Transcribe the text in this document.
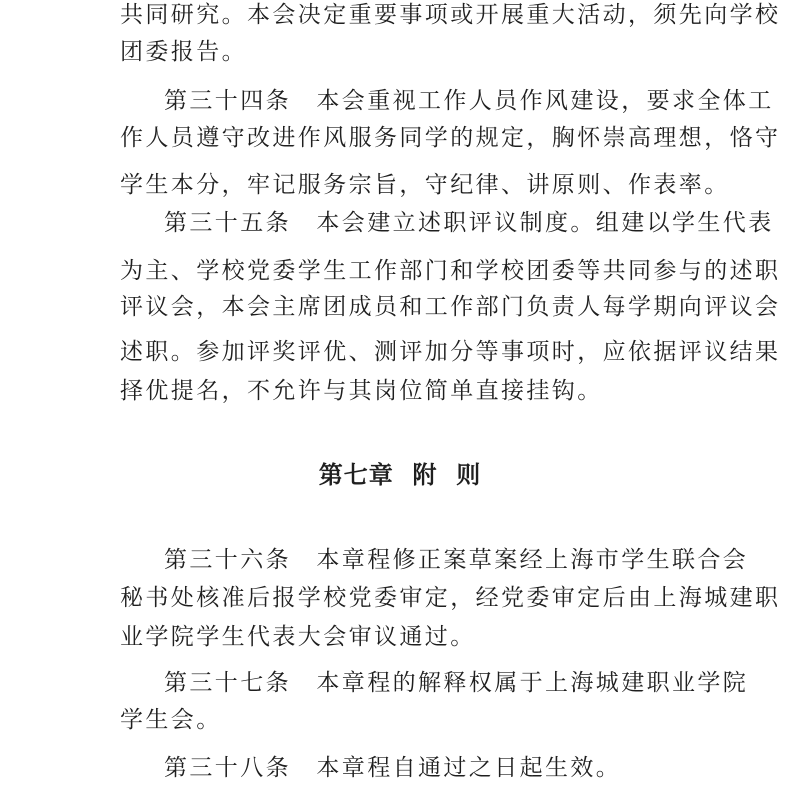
共同研究。本会决定重要事项或开展重大活动，须先向学校
团委报告。
第三十四条　本会重视工作人员作风建设，要求全体工
作人员遵守改进作风服务同学的规定，胸怀崇高理想，恪守
学生本分，牢记服务宗旨，守纪律、讲原则、作表率。
第三十五条　本会建立述职评议制度。组建以学生代表
为主、学校党委学生工作部门和学校团委等共同参与的述职
评议会，本会主席团成员和工作部门负责人每学期向评议会
述职。参加评奖评优、测评加分等事项时，应依据评议结果
择优提名，不允许与其岗位简单直接挂钩。
第七章  附  则
第三十六条　本章程修正案草案经上海市学生联合会
秘书处核准后报学校党委审定，经党委审定后由上海城建职
业学院学生代表大会审议通过。
第三十七条　本章程的解释权属于上海城建职业学院
学生会。
第三十八条　本章程自通过之日起生效。
